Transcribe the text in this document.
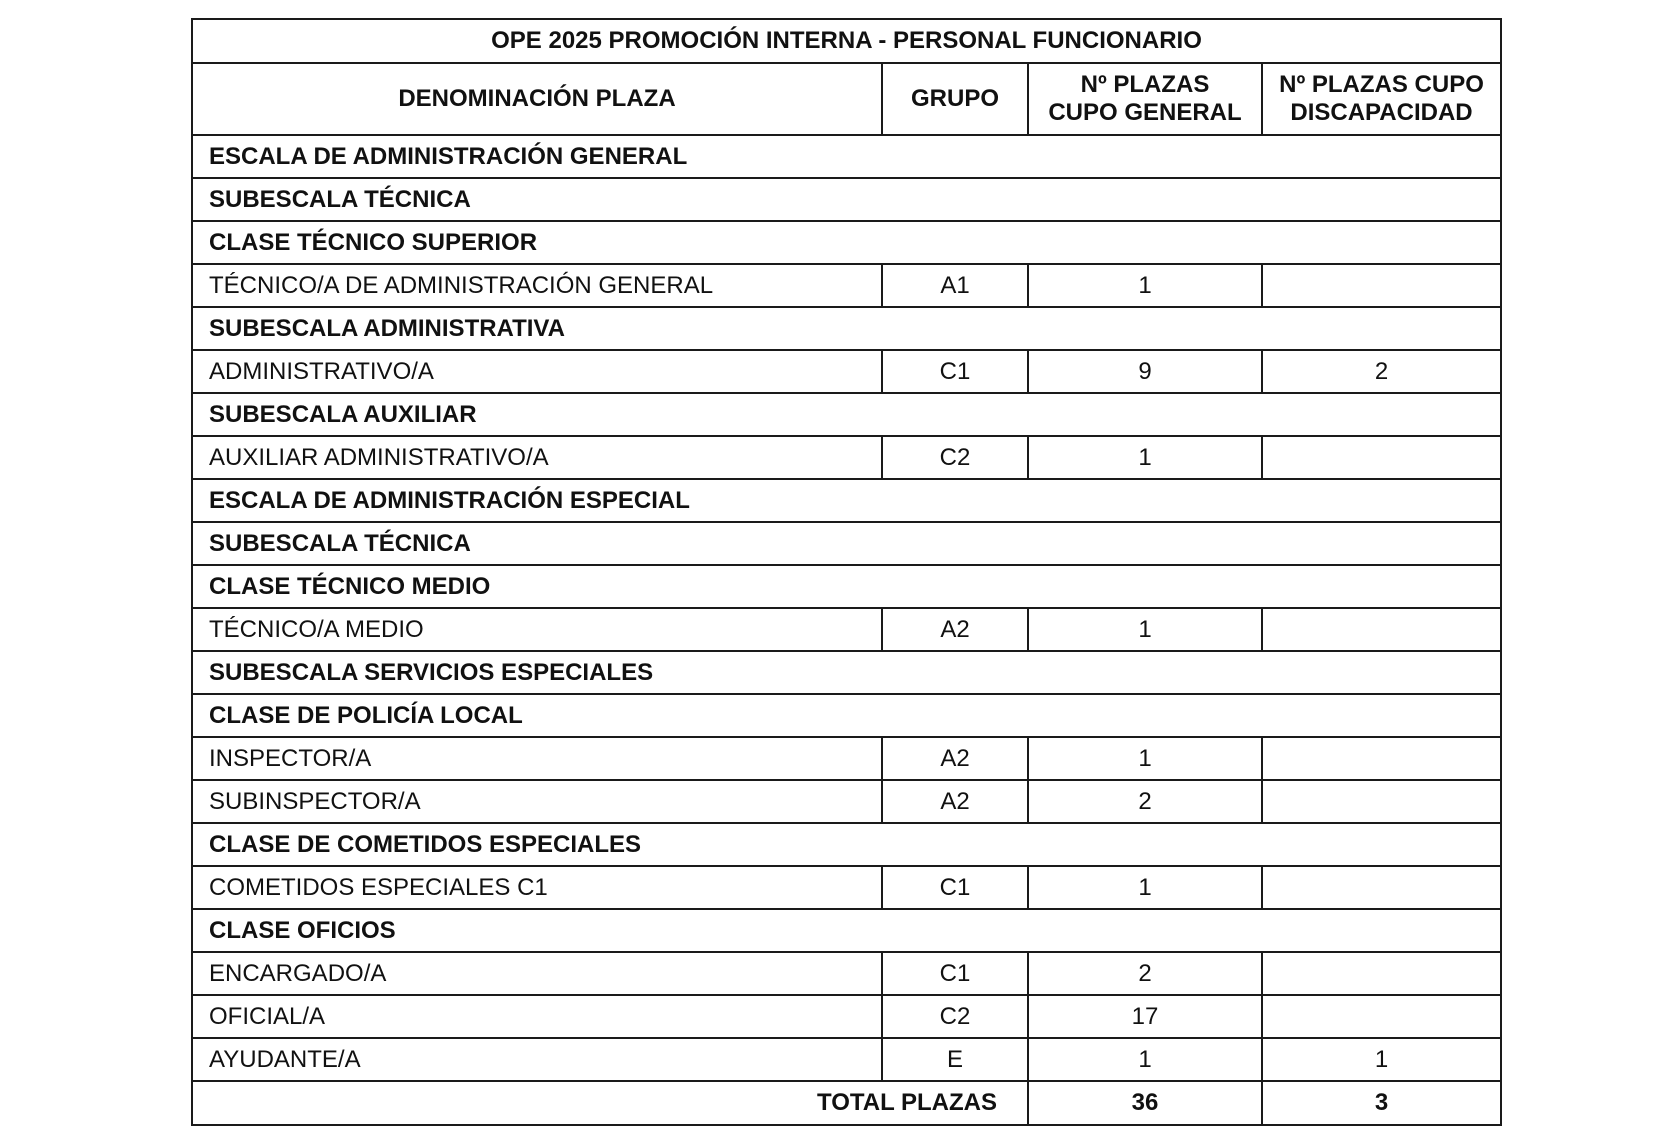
OPE 2025 PROMOCIÓN INTERNA - PERSONAL FUNCIONARIO			
DENOMINACIÓN PLAZA	GRUPO	Nº PLAZAS CUPO GENERAL	Nº PLAZAS CUPO DISCAPACIDAD
ESCALA DE ADMINISTRACIÓN GENERAL			
SUBESCALA TÉCNICA			
CLASE TÉCNICO SUPERIOR			
TÉCNICO/A DE ADMINISTRACIÓN GENERAL	A1	1	
SUBESCALA ADMINISTRATIVA			
ADMINISTRATIVO/A	C1	9	2
SUBESCALA AUXILIAR			
AUXILIAR ADMINISTRATIVO/A	C2	1	
ESCALA DE ADMINISTRACIÓN ESPECIAL			
SUBESCALA TÉCNICA			
CLASE TÉCNICO MEDIO			
TÉCNICO/A MEDIO	A2	1	
SUBESCALA SERVICIOS ESPECIALES			
CLASE DE POLICÍA LOCAL			
INSPECTOR/A	A2	1	
SUBINSPECTOR/A	A2	2	
CLASE DE COMETIDOS ESPECIALES			
COMETIDOS ESPECIALES C1	C1	1	
CLASE OFICIOS			
ENCARGADO/A	C1	2	
OFICIAL/A	C2	17	
AYUDANTE/A	E	1	1
TOTAL PLAZAS		36	3
